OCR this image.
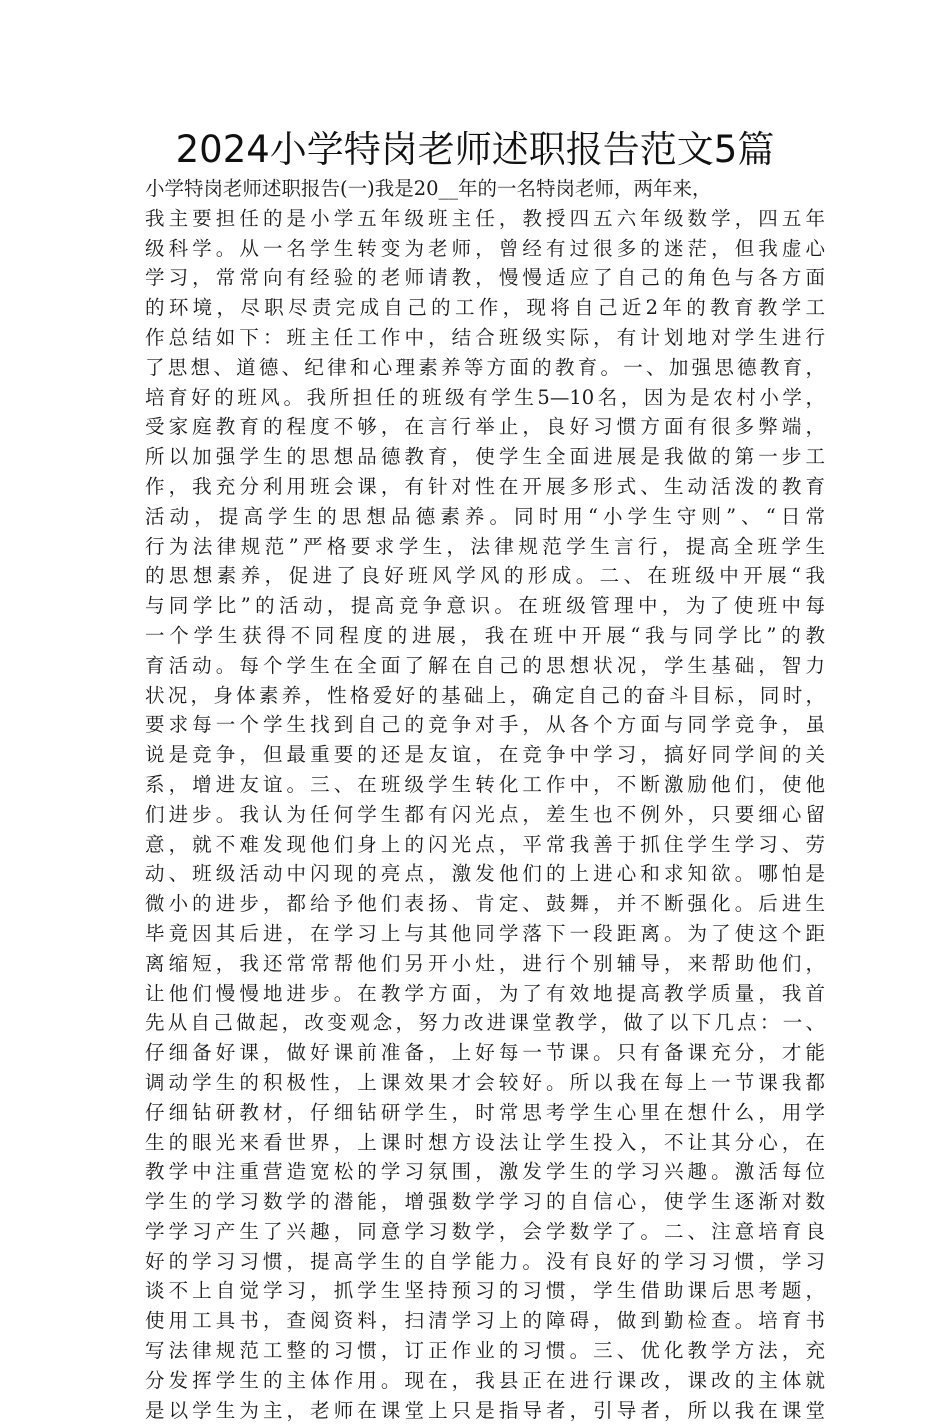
2024小学特岗老师述职报告范文5篇
小学特岗老师述职报告(一)我是20__年的一名特岗老师，两年来，
我主要担任的是小学五年级班主任，教授四五六年级数学，四五年
级科学。从一名学生转变为老师，曾经有过很多的迷茫，但我虚心
学习，常常向有经验的老师请教，慢慢适应了自己的角色与各方面
的环境，尽职尽责完成自己的工作，现将自己近2年的教育教学工
作总结如下：班主任工作中，结合班级实际，有计划地对学生进行
了思想、道德、纪律和心理素养等方面的教育。一、加强思德教育，
培育好的班风。我所担任的班级有学生5—10名，因为是农村小学，
受家庭教育的程度不够，在言行举止，良好习惯方面有很多弊端，
所以加强学生的思想品德教育，使学生全面进展是我做的第一步工
作，我充分利用班会课，有针对性在开展多形式、生动活泼的教育
活动，提高学生的思想品德素养。同时用“小学生守则”、“日常
行为法律规范”严格要求学生，法律规范学生言行，提高全班学生
的思想素养，促进了良好班风学风的形成。二、在班级中开展“我
与同学比”的活动，提高竞争意识。在班级管理中，为了使班中每
一个学生获得不同程度的进展，我在班中开展“我与同学比”的教
育活动。每个学生在全面了解在自己的思想状况，学生基础，智力
状况，身体素养，性格爱好的基础上，确定自己的奋斗目标，同时，
要求每一个学生找到自己的竞争对手，从各个方面与同学竞争，虽
说是竞争，但最重要的还是友谊，在竞争中学习，搞好同学间的关
系，增进友谊。三、在班级学生转化工作中，不断激励他们，使他
们进步。我认为任何学生都有闪光点，差生也不例外，只要细心留
意，就不难发现他们身上的闪光点，平常我善于抓住学生学习、劳
动、班级活动中闪现的亮点，激发他们的上进心和求知欲。哪怕是
微小的进步，都给予他们表扬、肯定、鼓舞，并不断强化。后进生
毕竟因其后进，在学习上与其他同学落下一段距离。为了使这个距
离缩短，我还常常帮他们另开小灶，进行个别辅导，来帮助他们，
让他们慢慢地进步。在教学方面，为了有效地提高教学质量，我首
先从自己做起，改变观念，努力改进课堂教学，做了以下几点：一、
仔细备好课，做好课前准备，上好每一节课。只有备课充分，才能
调动学生的积极性，上课效果才会较好。所以我在每上一节课我都
仔细钻研教材，仔细钻研学生，时常思考学生心里在想什么，用学
生的眼光来看世界，上课时想方设法让学生投入，不让其分心，在
教学中注重营造宽松的学习氛围，激发学生的学习兴趣。激活每位
学生的学习数学的潜能，增强数学学习的自信心，使学生逐渐对数
学学习产生了兴趣，同意学习数学，会学数学了。二、注意培育良
好的学习习惯，提高学生的自学能力。没有良好的学习习惯，学习
谈不上自觉学习，抓学生坚持预习的习惯，学生借助课后思考题，
使用工具书，查阅资料，扫清学习上的障碍，做到勤检查。培育书
写法律规范工整的习惯，订正作业的习惯。三、优化教学方法，充
分发挥学生的主体作用。现在，我县正在进行课改，课改的主体就
是以学生为主，老师在课堂上只是指导者，引导者，所以我在课堂
